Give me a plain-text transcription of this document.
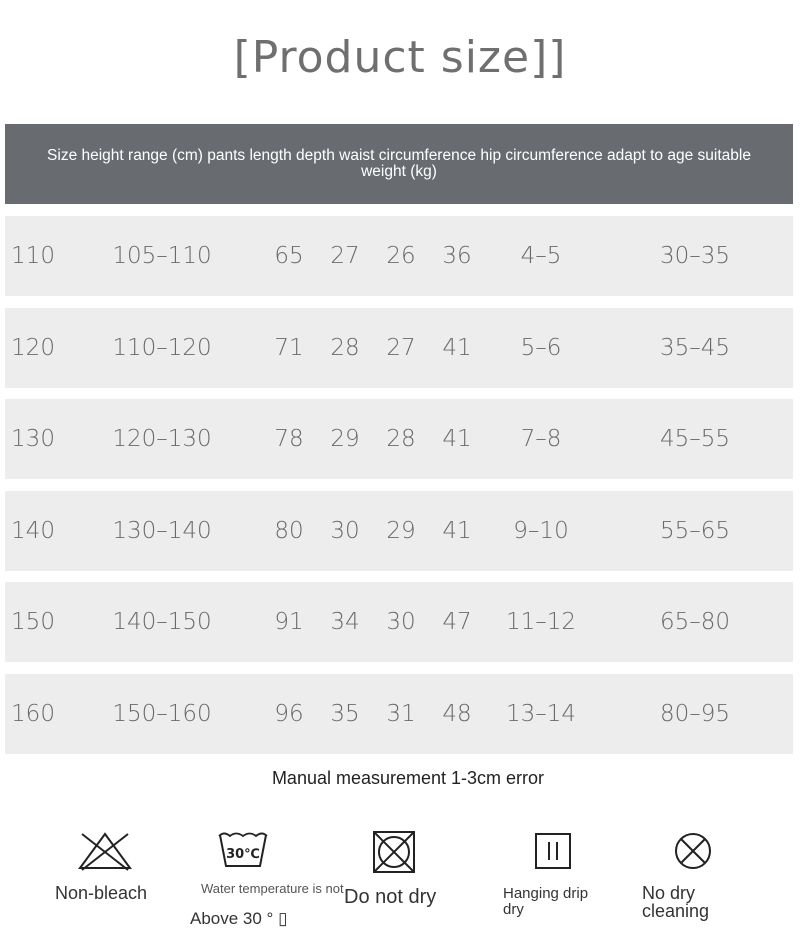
[Product size]]
Size height range (cm) pants length depth waist circumference hip circumference adapt to age suitable weight (kg)
110 105–110	65 27 26 36 4–5	30–35
120 110–120	71 28 27 41 5–6	35–45
130 120–130	78 29 28 41 7–8	45–55
140 130–140	80 30 29 41 9–10	55–65
150 140–150	91 34 30 47 11–12	65–80
160 150–160	96 35 31 48 13–14	80–95
Manual measurement 1-3cm error
Non-bleach
30℃
Water temperature is not
Above 30 ° ▯
Do not dry	Hanging drip dry
No dry cleaning
